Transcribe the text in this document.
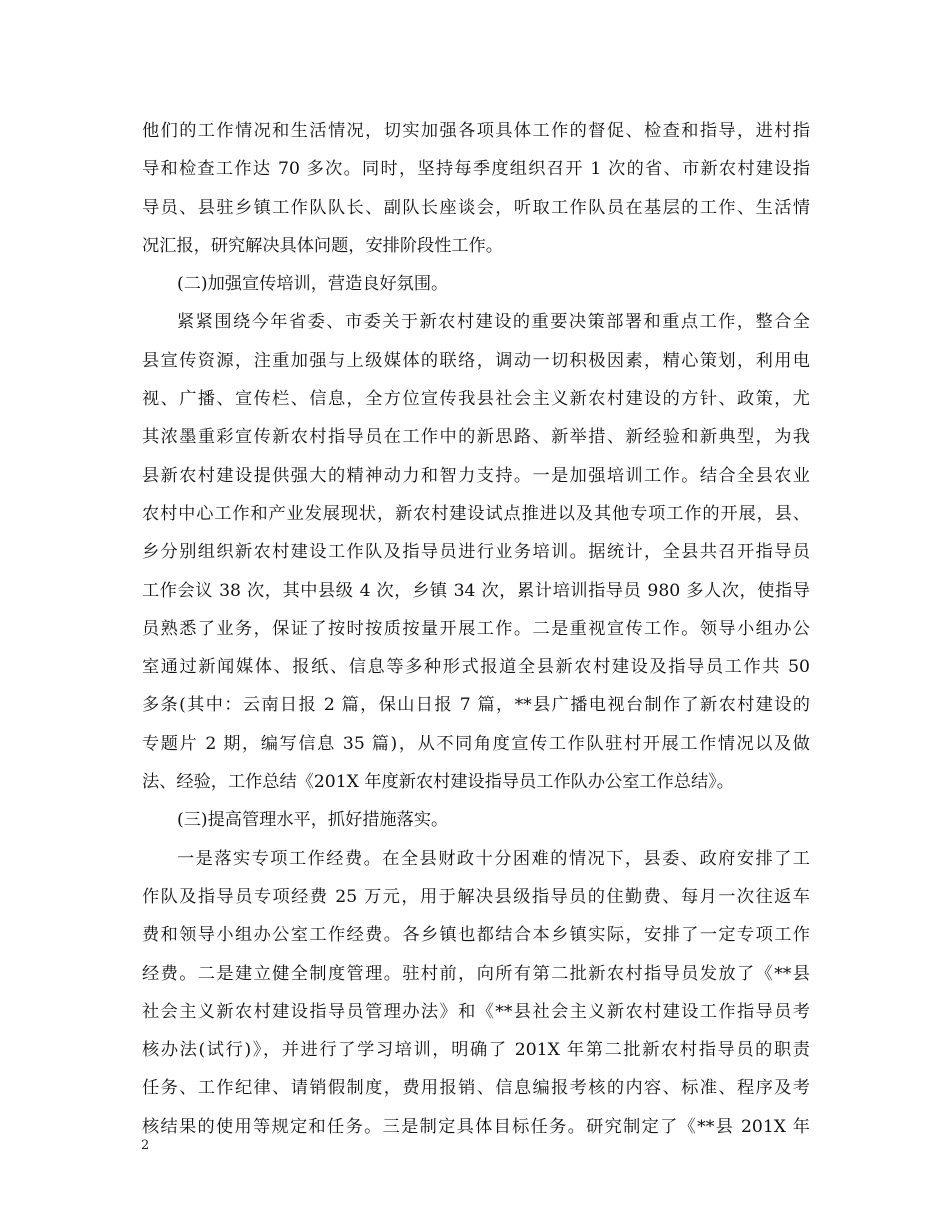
他们的工作情况和生活情况，切实加强各项具体工作的督促、检查和指导，进村指
导和检查工作达 70 多次。同时，坚持每季度组织召开 1 次的省、市新农村建设指
导员、县驻乡镇工作队队长、副队长座谈会，听取工作队员在基层的工作、生活情
况汇报，研究解决具体问题，安排阶段性工作。
(二)加强宣传培训，营造良好氛围。
紧紧围绕今年省委、市委关于新农村建设的重要决策部署和重点工作，整合全
县宣传资源，注重加强与上级媒体的联络，调动一切积极因素，精心策划，利用电
视、广播、宣传栏、信息，全方位宣传我县社会主义新农村建设的方针、政策，尤
其浓墨重彩宣传新农村指导员在工作中的新思路、新举措、新经验和新典型，为我
县新农村建设提供强大的精神动力和智力支持。一是加强培训工作。结合全县农业
农村中心工作和产业发展现状，新农村建设试点推进以及其他专项工作的开展，县、
乡分别组织新农村建设工作队及指导员进行业务培训。据统计，全县共召开指导员
工作会议 38 次，其中县级 4 次，乡镇 34 次，累计培训指导员 980 多人次，使指导
员熟悉了业务，保证了按时按质按量开展工作。二是重视宣传工作。领导小组办公
室通过新闻媒体、报纸、信息等多种形式报道全县新农村建设及指导员工作共 50
多条(其中：云南日报 2 篇，保山日报 7 篇，**县广播电视台制作了新农村建设的
专题片 2 期，编写信息 35 篇)，从不同角度宣传工作队驻村开展工作情况以及做
法、经验，工作总结《201X 年度新农村建设指导员工作队办公室工作总结》。
(三)提高管理水平，抓好措施落实。
一是落实专项工作经费。在全县财政十分困难的情况下，县委、政府安排了工
作队及指导员专项经费 25 万元，用于解决县级指导员的住勤费、每月一次往返车
费和领导小组办公室工作经费。各乡镇也都结合本乡镇实际，安排了一定专项工作
经费。二是建立健全制度管理。驻村前，向所有第二批新农村指导员发放了《**县
社会主义新农村建设指导员管理办法》和《**县社会主义新农村建设工作指导员考
核办法(试行)》，并进行了学习培训，明确了 201X 年第二批新农村指导员的职责
任务、工作纪律、请销假制度，费用报销、信息编报考核的内容、标准、程序及考
核结果的使用等规定和任务。三是制定具体目标任务。研究制定了《**县 201X 年
2
